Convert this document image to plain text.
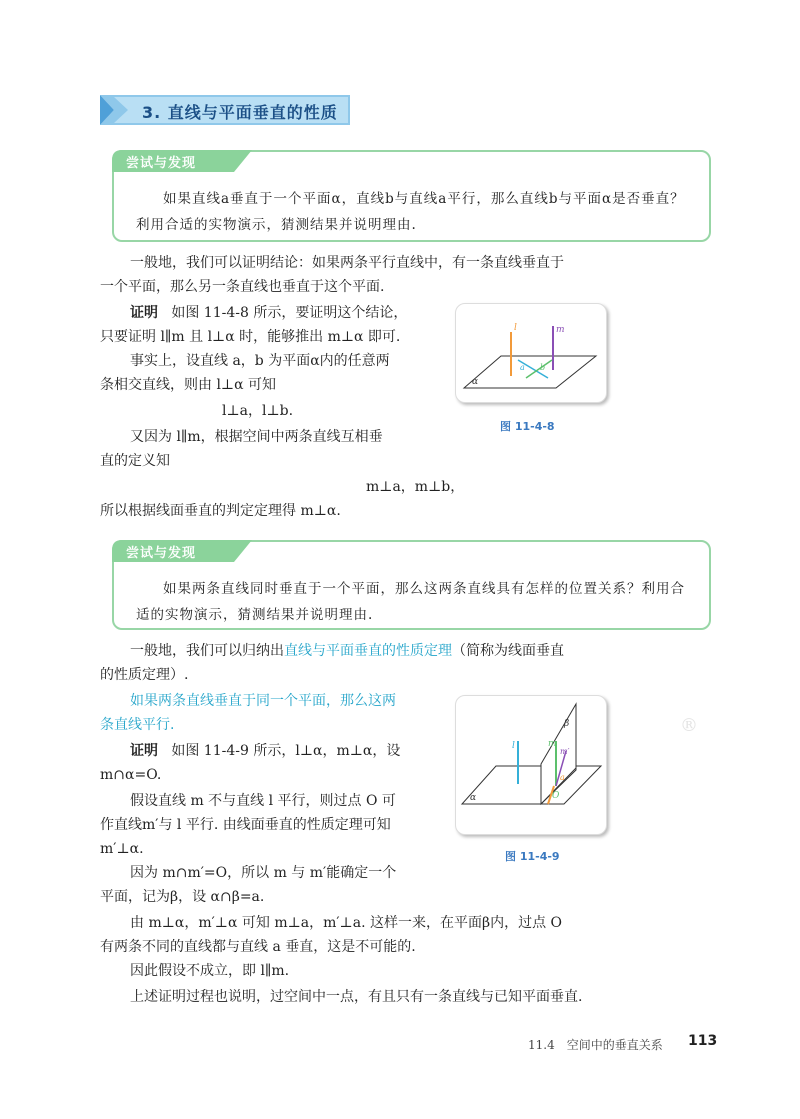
3. 直线与平面垂直的性质
尝试与发现
如果直线a垂直于一个平面α，直线b与直线a平行，那么直线b与平面α是否垂直？利用合适的实物演示，猜测结果并说明理由.
一般地，我们可以证明结论：如果两条平行直线中，有一条直线垂直于
一个平面，那么另一条直线也垂直于这个平面.
证明 如图 11-4-8 所示，要证明这个结论，
只要证明 l∥m 且 l⊥α 时，能够推出 m⊥α 即可.
事实上，设直线 a，b 为平面α内的任意两
条相交直线，则由 l⊥α 可知
l⊥a，l⊥b.
又因为 l∥m，根据空间中两条直线互相垂
直的定义知
m⊥a，m⊥b，
所以根据线面垂直的判定定理得 m⊥α.
l	m
a b
α
图 11-4-8
尝试与发现
如果两条直线同时垂直于一个平面，那么这两条直线具有怎样的位置关系？利用合适的实物演示，猜测结果并说明理由.
一般地，我们可以归纳出直线与平面垂直的性质定理（简称为线面垂直
的性质定理）.
如果两条直线垂直于同一个平面，那么这两
条直线平行.
证明 如图 11-4-9 所示，l⊥α，m⊥α，设
m∩α=O.
假设直线 m 不与直线 l 平行，则过点 O 可
作直线m′与 l 平行. 由线面垂直的性质定理可知
m′⊥α.
因为 m∩m′=O，所以 m 与 m′能确定一个
平面，记为β，设 α∩β=a.
由 m⊥α，m′⊥α 可知 m⊥a，m′⊥a. 这样一来，在平面β内，过点 O
有两条不同的直线都与直线 a 垂直，这是不可能的.
因此假设不成立，即 l∥m.
上述证明过程也说明，过空间中一点，有且只有一条直线与已知平面垂直.
β
m
m′
l
a
O
α
图 11-4-9
®
11.4　空间中的垂直关系 113
